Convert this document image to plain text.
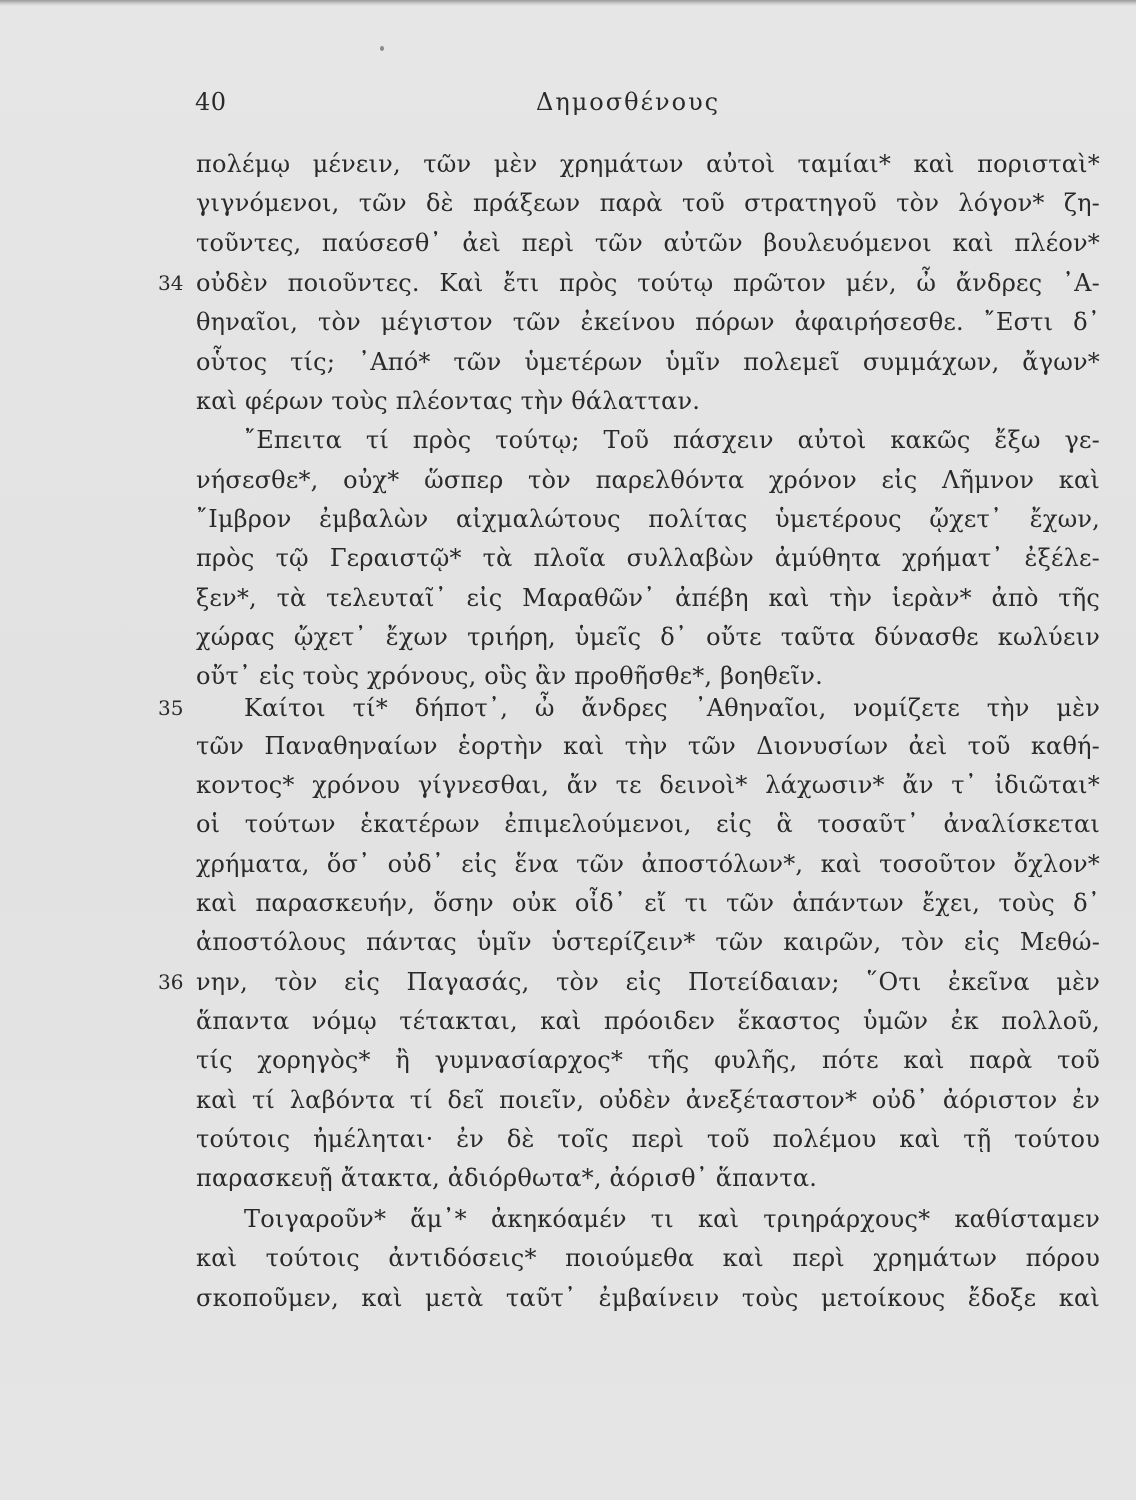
40	Δημοσθένους
34
35
36
πολέμῳ μένειν, τῶν μὲν χρημάτων αὐτοὶ ταμίαι* καὶ πορισταὶ*
γιγνόμενοι, τῶν δὲ πράξεων παρὰ τοῦ στρατηγοῦ τὸν λόγον* ζη-
τοῦντες, παύσεσθ᾿ ἀεὶ περὶ τῶν αὐτῶν βουλευόμενοι καὶ πλέον*
οὐδὲν ποιοῦντες. Καὶ ἔτι πρὸς τούτῳ πρῶτον μέν, ὦ ἄνδρες ᾿Α-
θηναῖοι, τὸν μέγιστον τῶν ἐκείνου πόρων ἀφαιρήσεσθε. ῎Εστι δ᾿
οὗτος τίς; ᾿Από* τῶν ὑμετέρων ὑμῖν πολεμεῖ συμμάχων, ἄγων*
καὶ φέρων τοὺς πλέοντας τὴν θάλατταν.
῎Επειτα τί πρὸς τούτῳ; Τοῦ πάσχειν αὐτοὶ κακῶς ἔξω γε-
νήσεσθε*, οὐχ* ὥσπερ τὸν παρελθόντα χρόνον εἰς Λῆμνον καὶ
῎Ιμβρον ἐμβαλὼν αἰχμαλώτους πολίτας ὑμετέρους ᾤχετ᾿ ἔχων,
πρὸς τῷ Γεραιστῷ* τὰ πλοῖα συλλαβὼν ἀμύθητα χρήματ᾿ ἐξέλε-
ξεν*, τὰ τελευταῖ᾿ εἰς Μαραθῶν᾿ ἀπέβη καὶ τὴν ἱερὰν* ἀπὸ τῆς
χώρας ᾤχετ᾿ ἔχων τριήρη, ὑμεῖς δ᾿ οὔτε ταῦτα δύνασθε κωλύειν
οὔτ᾿ εἰς τοὺς χρόνους, οὓς ἂν προθῆσθε*, βοηθεῖν.
Καίτοι τί* δήποτ᾿, ὦ ἄνδρες ᾿Αθηναῖοι, νομίζετε τὴν μὲν
τῶν Παναθηναίων ἑορτὴν καὶ τὴν τῶν Διονυσίων ἀεὶ τοῦ καθή-
κοντος* χρόνου γίγνεσθαι, ἄν τε δεινοὶ* λάχωσιν* ἄν τ᾿ ἰδιῶται*
οἱ τούτων ἑκατέρων ἐπιμελούμενοι, εἰς ἃ τοσαῦτ᾿ ἀναλίσκεται
χρήματα, ὅσ᾿ οὐδ᾿ εἰς ἕνα τῶν ἀποστόλων*, καὶ τοσοῦτον ὄχλον*
καὶ παρασκευήν, ὅσην οὐκ οἶδ᾿ εἴ τι τῶν ἁπάντων ἔχει, τοὺς δ᾿
ἀποστόλους πάντας ὑμῖν ὑστερίζειν* τῶν καιρῶν, τὸν εἰς Μεθώ-
νην, τὸν εἰς Παγασάς, τὸν εἰς Ποτείδαιαν; ῞Οτι ἐκεῖνα μὲν
ἅπαντα νόμῳ τέτακται, καὶ πρόοιδεν ἕκαστος ὑμῶν ἐκ πολλοῦ,
τίς χορηγὸς* ἢ γυμνασίαρχος* τῆς φυλῆς, πότε καὶ παρὰ τοῦ
καὶ τί λαβόντα τί δεῖ ποιεῖν, οὐδὲν ἀνεξέταστον* οὐδ᾿ ἀόριστον ἐν
τούτοις ἠμέληται· ἐν δὲ τοῖς περὶ τοῦ πολέμου καὶ τῇ τούτου
παρασκευῇ ἄτακτα, ἀδιόρθωτα*, ἀόρισθ᾿ ἅπαντα.
Τοιγαροῦν* ἅμ᾿* ἀκηκόαμέν τι καὶ τριηράρχους* καθίσταμεν
καὶ τούτοις ἀντιδόσεις* ποιούμεθα καὶ περὶ χρημάτων πόρου
σκοποῦμεν, καὶ μετὰ ταῦτ᾿ ἐμβαίνειν τοὺς μετοίκους ἔδοξε καὶ
